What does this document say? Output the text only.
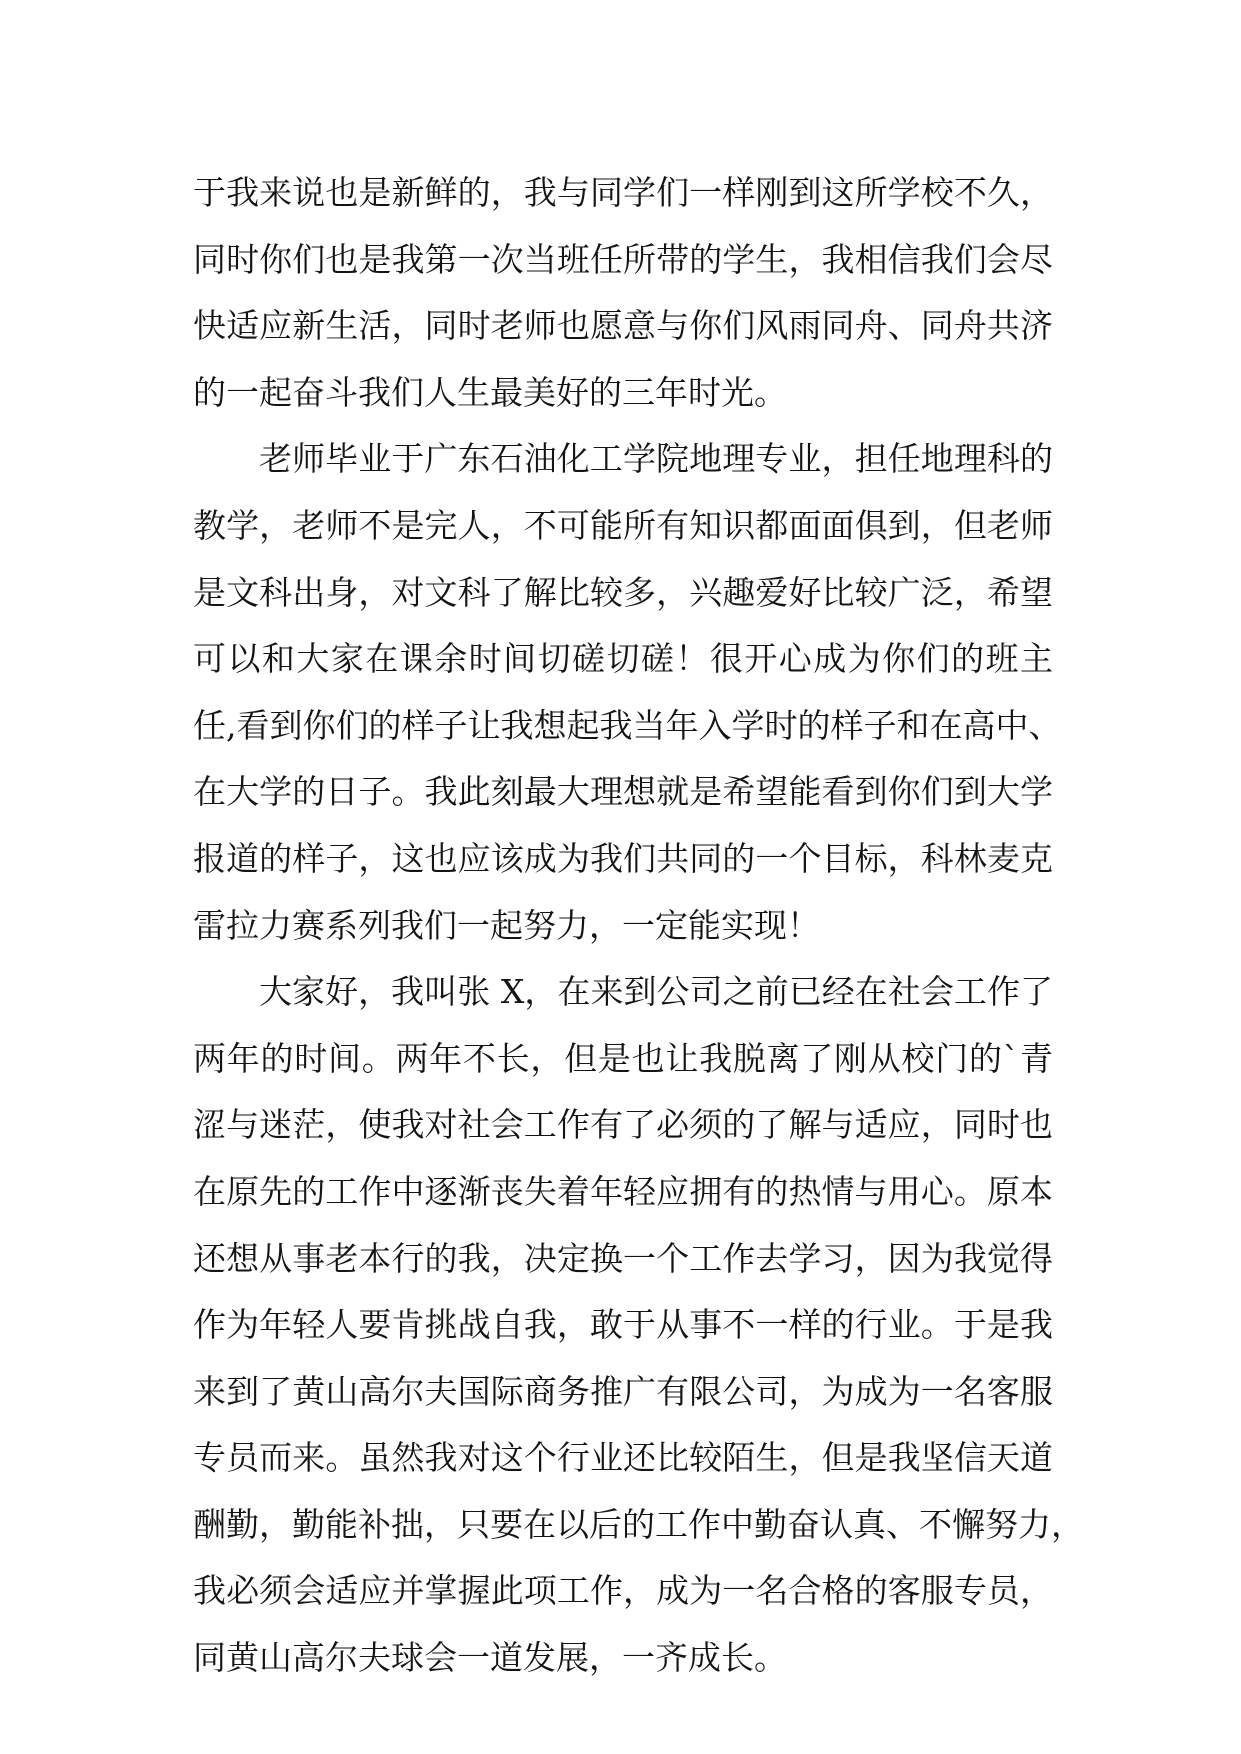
于我来说也是新鲜的，我与同学们一样刚到这所学校不久，
同时你们也是我第一次当班任所带的学生，我相信我们会尽
快适应新生活，同时老师也愿意与你们风雨同舟、同舟共济
的一起奋斗我们人生最美好的三年时光。
老师毕业于广东石油化工学院地理专业，担任地理科的
教学，老师不是完人，不可能所有知识都面面俱到，但老师
是文科出身，对文科了解比较多，兴趣爱好比较广泛，希望
可以和大家在课余时间切磋切磋！很开心成为你们的班主
任,看到你们的样子让我想起我当年入学时的样子和在高中、
在大学的日子。我此刻最大理想就是希望能看到你们到大学
报道的样子，这也应该成为我们共同的一个目标，科林麦克
雷拉力赛系列我们一起努力，一定能实现！
大家好，我叫张 X，在来到公司之前已经在社会工作了
两年的时间。两年不长，但是也让我脱离了刚从校门的`青
涩与迷茫，使我对社会工作有了必须的了解与适应，同时也
在原先的工作中逐渐丧失着年轻应拥有的热情与用心。原本
还想从事老本行的我，决定换一个工作去学习，因为我觉得
作为年轻人要肯挑战自我，敢于从事不一样的行业。于是我
来到了黄山高尔夫国际商务推广有限公司，为成为一名客服
专员而来。虽然我对这个行业还比较陌生，但是我坚信天道
酬勤，勤能补拙，只要在以后的工作中勤奋认真、不懈努力，
我必须会适应并掌握此项工作，成为一名合格的客服专员，
同黄山高尔夫球会一道发展，一齐成长。
